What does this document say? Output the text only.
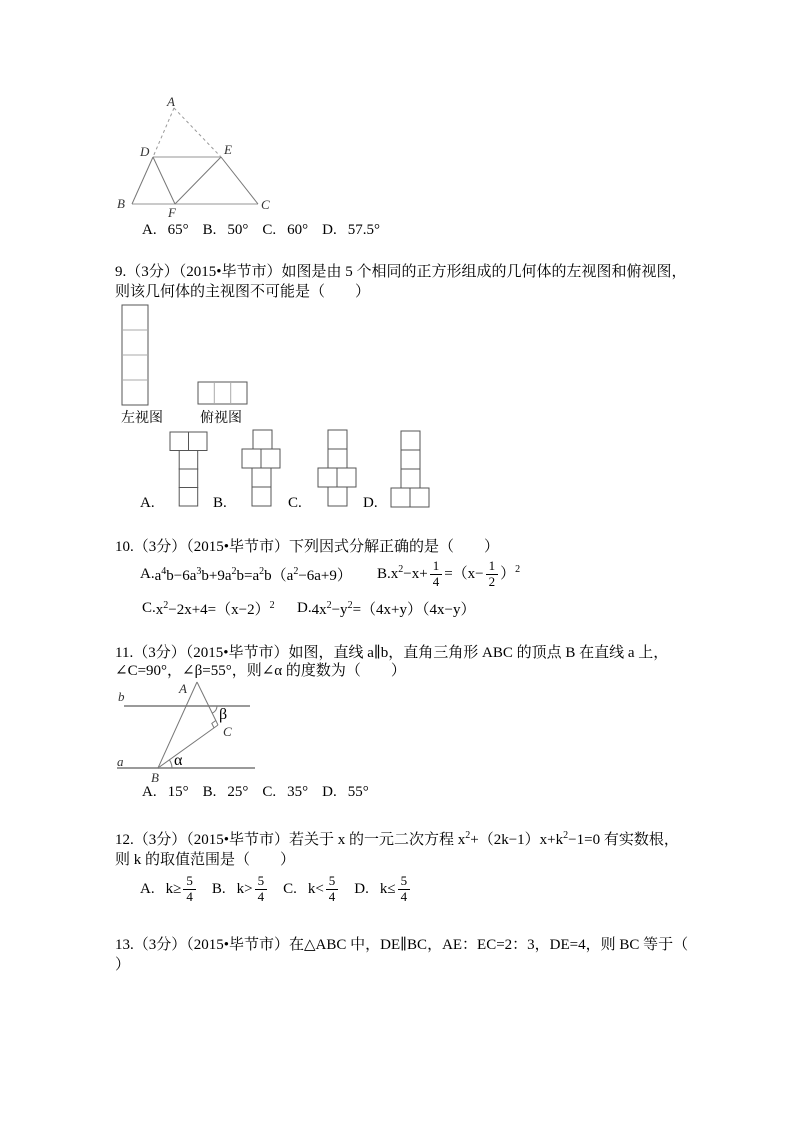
A
D	E
B
F
C
A. 65° B. 50° C. 60° D. 57.5°
9.（3分）（2015•毕节市）如图是由 5 个相同的正方形组成的几何体的左视图和俯视图，
则该几何体的主视图不可能是（　　）
左视图	俯视图
A.	B.	C.	D.
10.（3分）（2015•毕节市）下列因式分解正确的是（　　）
A. $a^4b-6a^3b+9a^2b=a^2b(a^2-6a+9)$ B. $x^2-x+ \frac{1}{4} =(x- \frac{1}{2} )^2$
C. $x^2-2x+4=(x-2)^2$ D. $4x^2-y^2=(4x+y)(4x-y)$
11.（3分）（2015•毕节市）如图，直线 a∥b，直角三角形 ABC 的顶点 B 在直线 a 上，
∠C=90°，∠β=55°，则∠α 的度数为（　　）
b
a
A
B
C
β
α
A. 15° B. 25° C. 35° D. 55°
12.（3分）（2015•毕节市）若关于 x 的一元二次方程 $x^2+(2k-1)x+k^2-1=0$ 有实数根，
则 k 的取值范围是（　　）
A. $k\ge \frac{5}{4} B$. $k> \frac{5}{4} C$. $k< \frac{5}{4} D$. $k\le \frac{5}{4}$
13.（3分）（2015•毕节市）在△ABC 中，DE∥BC，AE：EC=2：3，DE=4，则 BC 等于（
）
